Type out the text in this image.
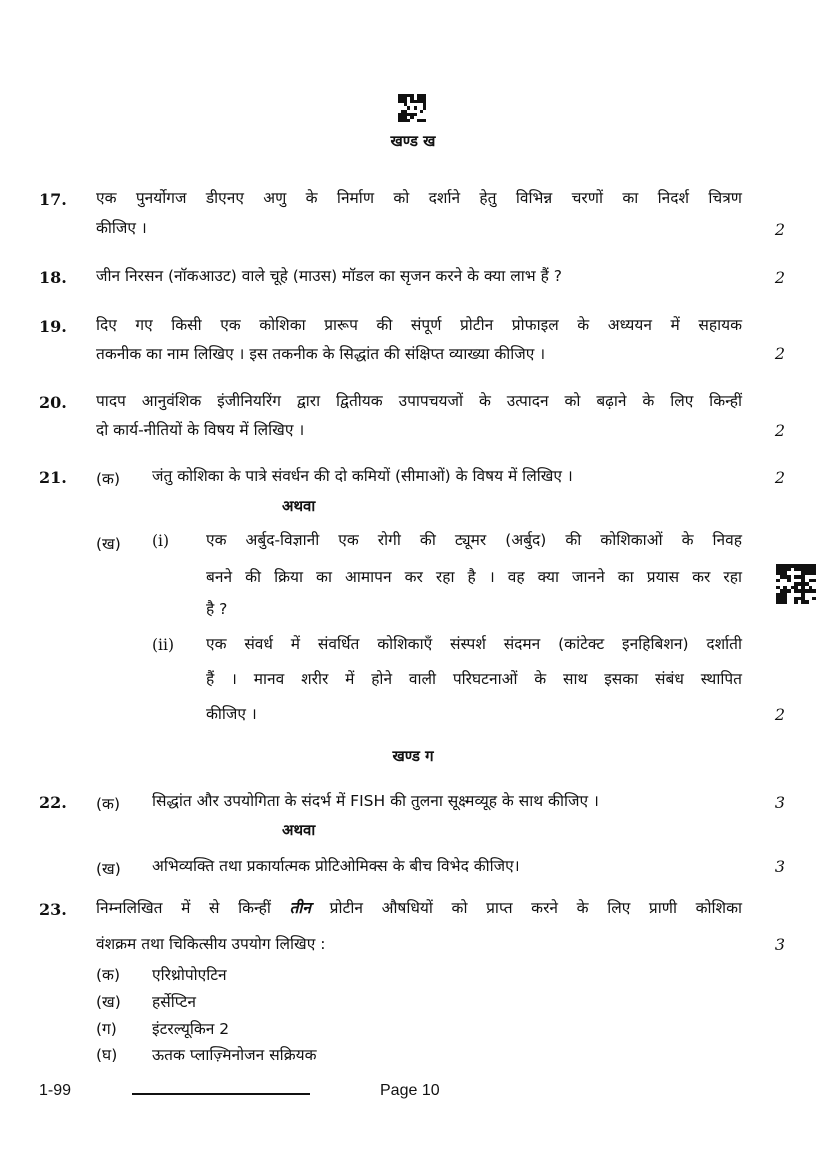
खण्ड ख
17. एक पुनर्योगज डीएनए अणु के निर्माण को दर्शाने हेतु विभिन्न चरणों का निदर्श चित्रण
कीजिए ।	2
18. जीन निरसन (नॉकआउट) वाले चूहे (माउस) मॉडल का सृजन करने के क्या लाभ हैं ?	2
19. दिए गए किसी एक कोशिका प्रारूप की संपूर्ण प्रोटीन प्रोफाइल के अध्ययन में सहायक
तकनीक का नाम लिखिए । इस तकनीक के सिद्धांत की संक्षिप्त व्याख्या कीजिए ।	2
20. पादप आनुवंशिक इंजीनियरिंग द्वारा द्वितीयक उपापचयजों के उत्पादन को बढ़ाने के लिए किन्हीं
दो कार्य-नीतियों के विषय में लिखिए ।	2
21. (क) जंतु कोशिका के पात्रे संवर्धन की दो कमियों (सीमाओं) के विषय में लिखिए ।	2
अथवा
(ख) (i) एक अर्बुद-विज्ञानी एक रोगी की ट्यूमर (अर्बुद) की कोशिकाओं के निवह
बनने की क्रिया का आमापन कर रहा है । वह क्या जानने का प्रयास कर रहा
है ?
(ii) एक संवर्ध में संवर्धित कोशिकाएँ संस्पर्श संदमन (कांटेक्ट इनहिबिशन) दर्शाती
हैं । मानव शरीर में होने वाली परिघटनाओं के साथ इसका संबंध स्थापित
कीजिए ।	2
खण्ड ग
22. (क) सिद्धांत और उपयोगिता के संदर्भ में FISH की तुलना सूक्ष्मव्यूह के साथ कीजिए ।	3
अथवा
(ख) अभिव्यक्ति तथा प्रकार्यात्मक प्रोटिओमिक्स के बीच विभेद कीजिए।	3
23. निम्नलिखित में से किन्हीं तीन प्रोटीन औषधियों को प्राप्त करने के लिए प्राणी कोशिका
वंशक्रम तथा चिकित्सीय उपयोग लिखिए :	3
(क) एरिथ्रोपोएटिन
(ख) हर्सेप्टिन
(ग) इंटरल्यूकिन 2
(घ) ऊतक प्लाज़्मिनोजन सक्रियक
1-99	Page 10
